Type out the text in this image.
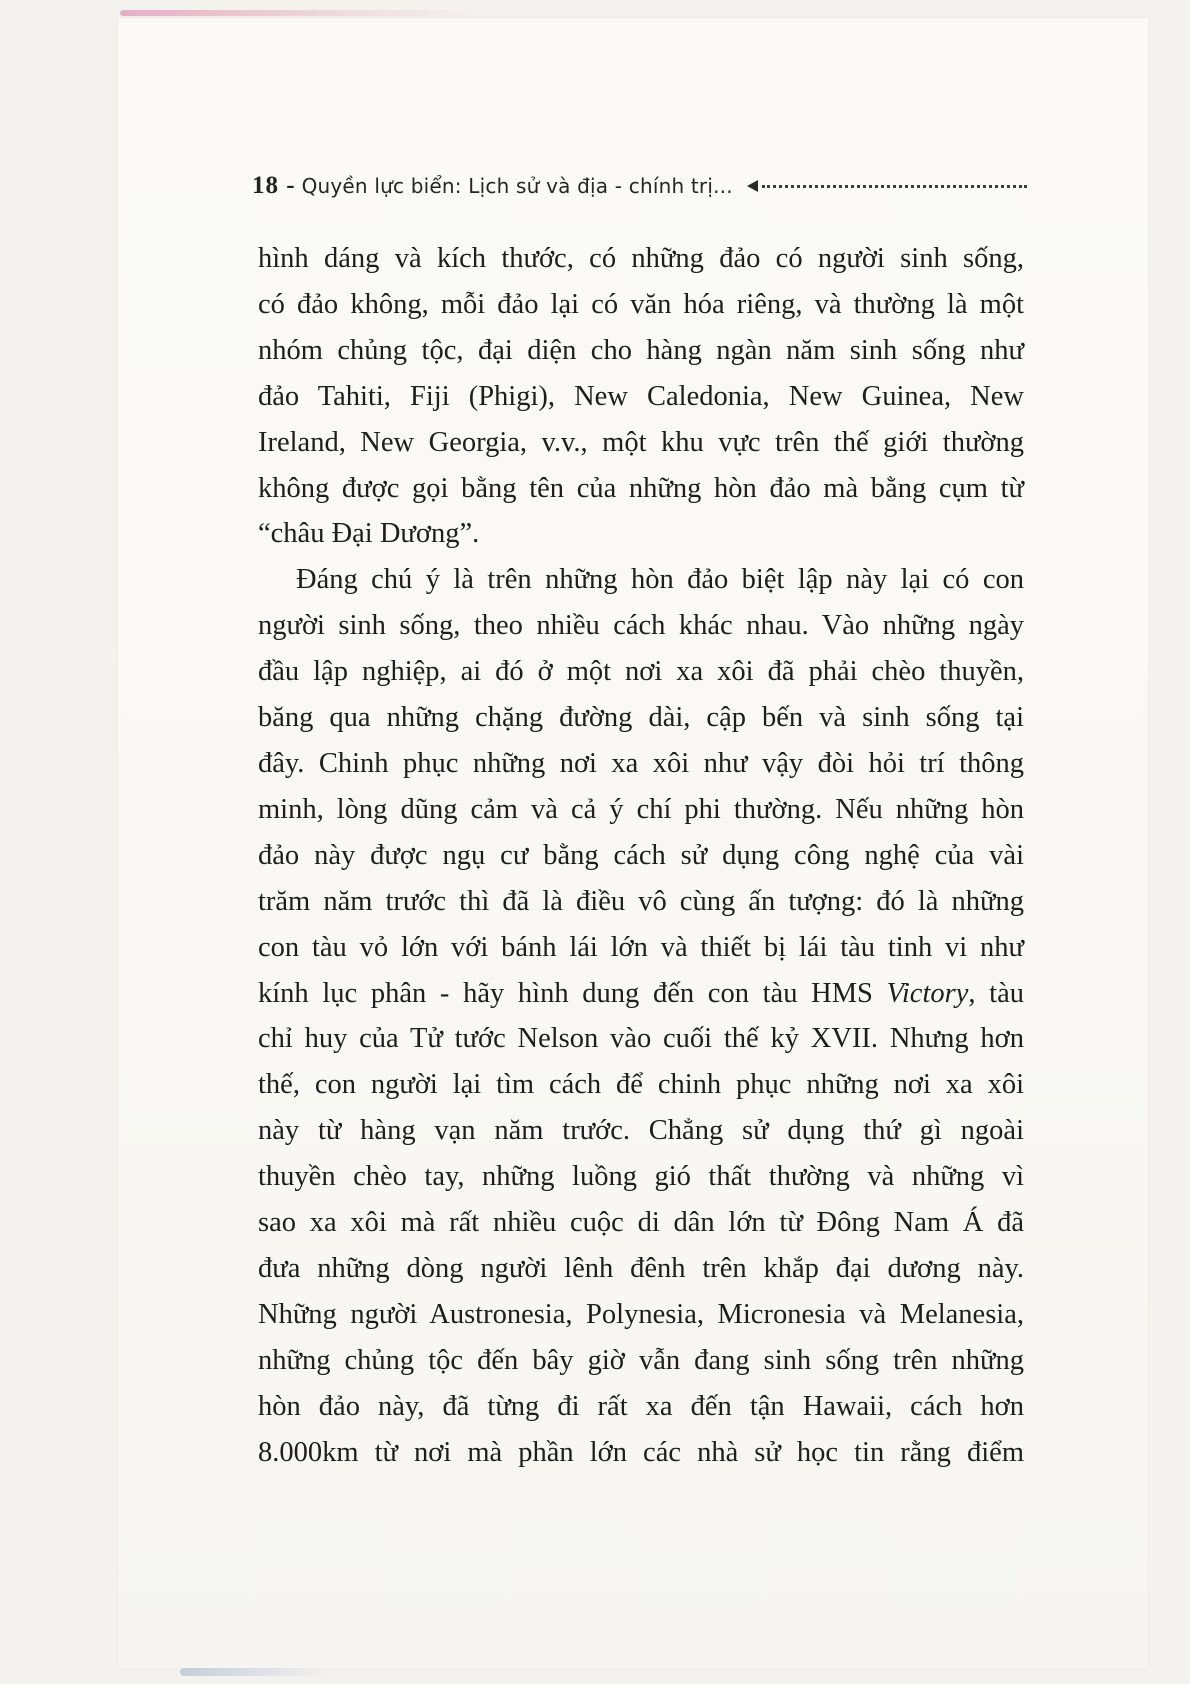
18 - Quyền lực biển: Lịch sử và địa - chính trị...

hình dáng và kích thước, có những đảo có người sinh sống,
có đảo không, mỗi đảo lại có văn hóa riêng, và thường là một
nhóm chủng tộc, đại diện cho hàng ngàn năm sinh sống như
đảo Tahiti, Fiji (Phigi), New Caledonia, New Guinea, New
Ireland, New Georgia, v.v., một khu vực trên thế giới thường
không được gọi bằng tên của những hòn đảo mà bằng cụm từ
“châu Đại Dương”.

Đáng chú ý là trên những hòn đảo biệt lập này lại có con
người sinh sống, theo nhiều cách khác nhau. Vào những ngày
đầu lập nghiệp, ai đó ở một nơi xa xôi đã phải chèo thuyền,
băng qua những chặng đường dài, cập bến và sinh sống tại
đây. Chinh phục những nơi xa xôi như vậy đòi hỏi trí thông
minh, lòng dũng cảm và cả ý chí phi thường. Nếu những hòn
đảo này được ngụ cư bằng cách sử dụng công nghệ của vài
trăm năm trước thì đã là điều vô cùng ấn tượng: đó là những
con tàu vỏ lớn với bánh lái lớn và thiết bị lái tàu tinh vi như
kính lục phân - hãy hình dung đến con tàu HMS Victory, tàu
chỉ huy của Tử tước Nelson vào cuối thế kỷ XVII. Nhưng hơn
thế, con người lại tìm cách để chinh phục những nơi xa xôi
này từ hàng vạn năm trước. Chẳng sử dụng thứ gì ngoài
thuyền chèo tay, những luồng gió thất thường và những vì
sao xa xôi mà rất nhiều cuộc di dân lớn từ Đông Nam Á đã
đưa những dòng người lênh đênh trên khắp đại dương này.
Những người Austronesia, Polynesia, Micronesia và Melanesia,
những chủng tộc đến bây giờ vẫn đang sinh sống trên những
hòn đảo này, đã từng đi rất xa đến tận Hawaii, cách hơn
8.000km từ nơi mà phần lớn các nhà sử học tin rằng điểm
